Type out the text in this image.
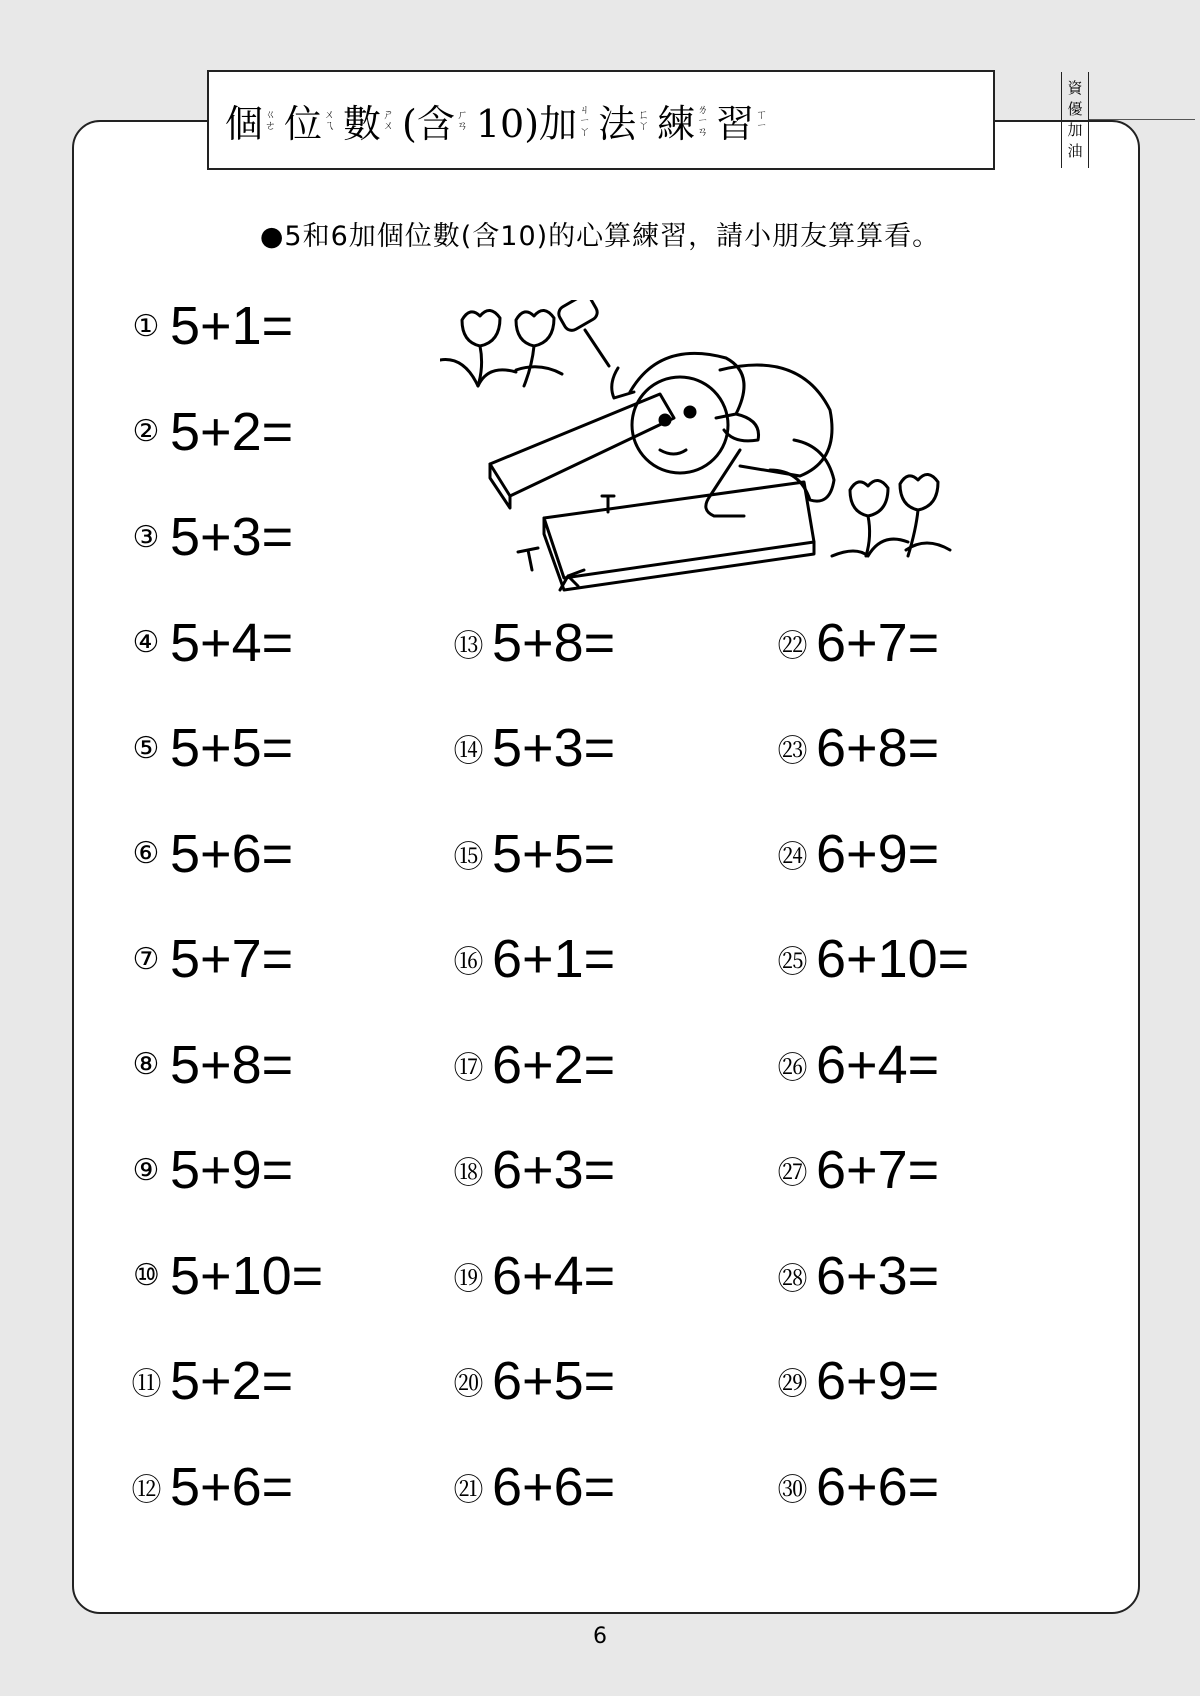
個 ㄍ
ㄜ 位 ㄨ
ㄟ 數 ㄕ
ㄨ (含 ㄏ
ㄢ 10)加 ㄐ
ㄧ
ㄚ 法 ㄈ
ㄚ 練 ㄌ
ㄧ
ㄢ 習 ㄒ
ㄧ
資
優
加
油
●5和6加個位數(含10)的心算練習，請小朋友算算看。
① 5+1=
② 5+2=
③ 5+3=
④ 5+4=
⑤ 5+5=
⑥ 5+6=
⑦ 5+7=
⑧ 5+8=
⑨ 5+9=
⑩ 5+10=
⑪ 5+2=
⑫ 5+6=
⑬ 5+8=
⑭ 5+3=
⑮ 5+5=
⑯ 6+1=
⑰ 6+2=
⑱ 6+3=
⑲ 6+4=
⑳ 6+5=
㉑ 6+6=
㉒ 6+7=
㉓ 6+8=
㉔ 6+9=
㉕ 6+10=
㉖ 6+4=
㉗ 6+7=
㉘ 6+3=
㉙ 6+9=
㉚ 6+6=
6
